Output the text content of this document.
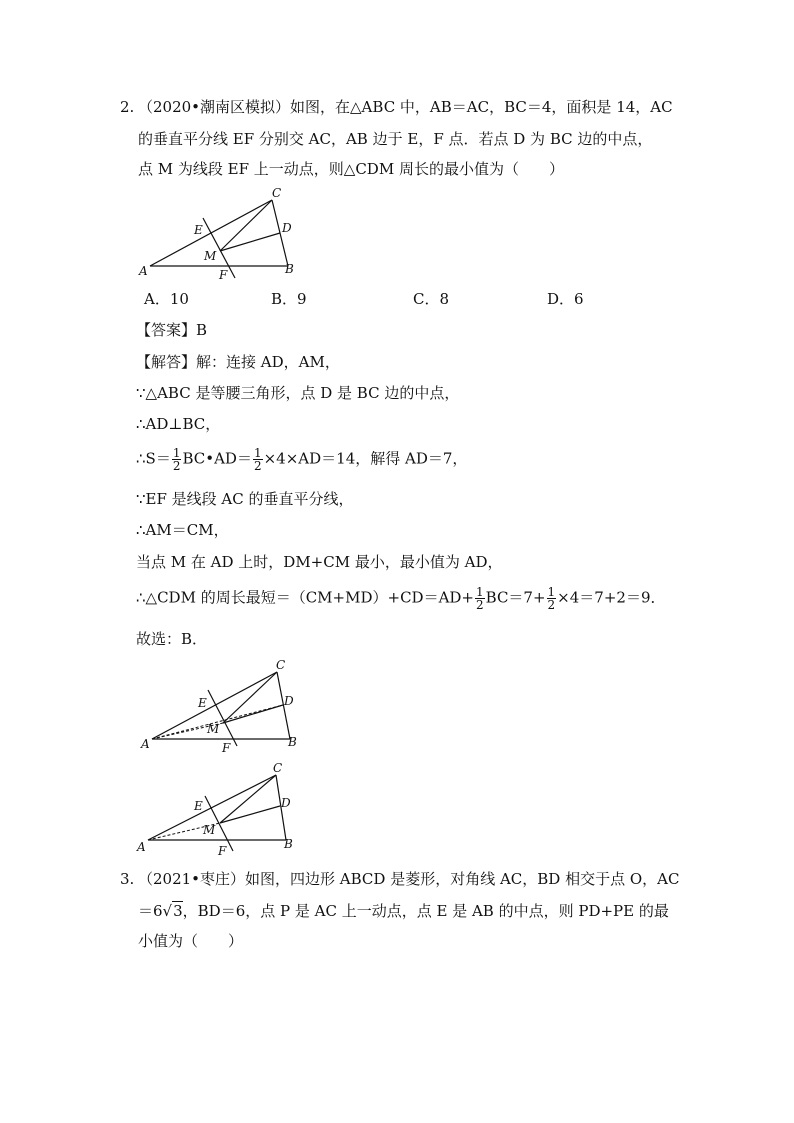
2. （2020•潮南区模拟）如图，在△ABC 中，AB＝AC，BC＝4，面积是 14，AC
的垂直平分线 EF 分别交 AC，AB 边于 E，F 点．若点 D 为 BC 边的中点，
点 M 为线段 EF 上一动点，则△CDM 周长的最小值为（　　）
C
D
E
M
A	F	B
A．10	B．9	C．8	D．6
【答案】B
【解答】解：连接 AD，AM，
∵△ABC 是等腰三角形，点 D 是 BC 边的中点，
∴AD⊥BC，
∴S＝ $\frac{1}{2}$ BC•AD＝ $\frac{1}{2} \times 4\times AD=14$，解得 AD＝7，
∵EF 是线段 AC 的垂直平分线，
∴AM＝CM，
当点 M 在 AD 上时，DM+CM 最小，最小值为 AD，
∴△CDM 的周长最短$=(CM+MD)+CD=AD+ \frac{1}{2} BC=7+ \frac{1}{2} \times 4=7+2=9$．
故选：B．
C
D
E
M
A	F	B
C
D
E
M
A	F	B
3. （2021•枣庄）如图，四边形 ABCD 是菱形，对角线 AC，BD 相交于点 O，AC
＝6√3，BD＝6，点 P 是 AC 上一动点，点 E 是 AB 的中点，则 PD+PE 的最
小值为（　　）
